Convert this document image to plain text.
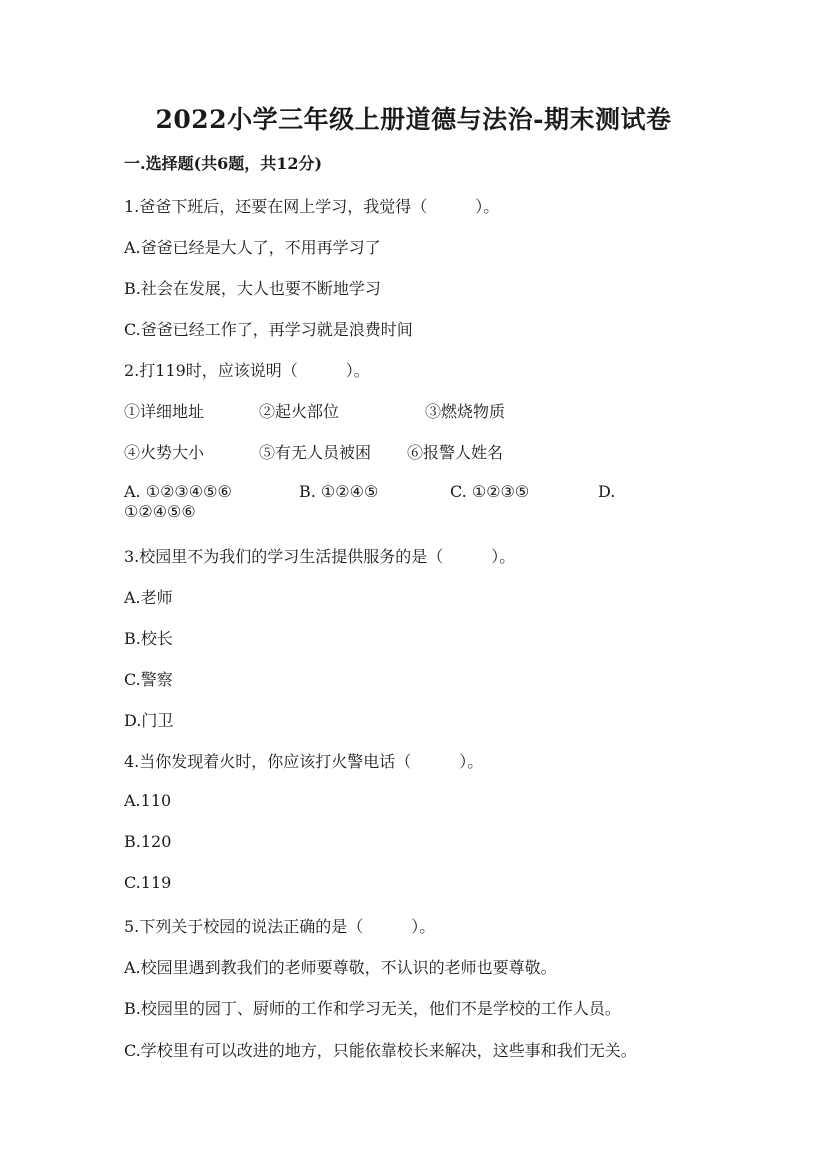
2022小学三年级上册道德与法治-期末测试卷
一.选择题(共6题，共12分)
1.爸爸下班后，还要在网上学习，我觉得（　　　）。
A.爸爸已经是大人了，不用再学习了
B.社会在发展，大人也要不断地学习
C.爸爸已经工作了，再学习就是浪费时间
2.打119时，应该说明（　　　）。
①详细地址	②起火部位	③燃烧物质
④火势大小	⑤有无人员被困 ⑥报警人姓名
A. ①②③④⑤⑥	B. ①②④⑤	C. ①②③⑤	D.
①②④⑤⑥
3.校园里不为我们的学习生活提供服务的是（　　　）。
A.老师
B.校长
C.警察
D.门卫
4.当你发现着火时，你应该打火警电话（　　　）。
A.110
B.120
C.119
5.下列关于校园的说法正确的是（　　　）。
A.校园里遇到教我们的老师要尊敬，不认识的老师也要尊敬。
B.校园里的园丁、厨师的工作和学习无关，他们不是学校的工作人员。
C.学校里有可以改进的地方，只能依靠校长来解决，这些事和我们无关。
